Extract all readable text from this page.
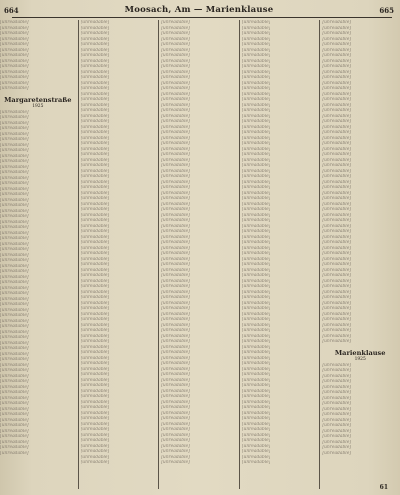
664	Moosach, Am — Marienklause	665
[unreadable]
[unreadable]
[unreadable]
[unreadable]
[unreadable]
[unreadable]
[unreadable]
[unreadable]
[unreadable]
[unreadable]
[unreadable]
[unreadable]
[unreadable]
Margaretenstraße
1925
[unreadable]
[unreadable]
[unreadable]
[unreadable]
[unreadable]
[unreadable]
[unreadable]
[unreadable]
[unreadable]
[unreadable]
[unreadable]
[unreadable]
[unreadable]
[unreadable]
[unreadable]
[unreadable]
[unreadable]
[unreadable]
[unreadable]
[unreadable]
[unreadable]
[unreadable]
[unreadable]
[unreadable]
[unreadable]
[unreadable]
[unreadable]
[unreadable]
[unreadable]
[unreadable]
[unreadable]
[unreadable]
[unreadable]
[unreadable]
[unreadable]
[unreadable]
[unreadable]
[unreadable]
[unreadable]
[unreadable]
[unreadable]
[unreadable]
[unreadable]
[unreadable]
[unreadable]
[unreadable]
[unreadable]
[unreadable]
[unreadable]
[unreadable]
[unreadable]
[unreadable]
[unreadable]
[unreadable]
[unreadable]
[unreadable]
[unreadable]
[unreadable]
[unreadable]
[unreadable]
[unreadable]
[unreadable]
[unreadable]
[unreadable]
[unreadable]
[unreadable]
[unreadable]
[unreadable]
[unreadable]
[unreadable]
[unreadable]
[unreadable]
[unreadable]
[unreadable]
[unreadable]
[unreadable]
[unreadable]
[unreadable]
[unreadable]
[unreadable]
[unreadable]
[unreadable]
[unreadable]
[unreadable]
[unreadable]
[unreadable]
[unreadable]
[unreadable]
[unreadable]
[unreadable]
[unreadable]
[unreadable]
[unreadable]
[unreadable]
[unreadable]
[unreadable]
[unreadable]
[unreadable]
[unreadable]
[unreadable]
[unreadable]
[unreadable]
[unreadable]
[unreadable]
[unreadable]
[unreadable]
[unreadable]
[unreadable]
[unreadable]
[unreadable]
[unreadable]
[unreadable]
[unreadable]
[unreadable]
[unreadable]
[unreadable]
[unreadable]
[unreadable]
[unreadable]
[unreadable]
[unreadable]
[unreadable]
[unreadable]
[unreadable]
[unreadable]
[unreadable]
[unreadable]
[unreadable]
[unreadable]
[unreadable]
[unreadable]
[unreadable]
[unreadable]
[unreadable]
[unreadable]
[unreadable]
[unreadable]
[unreadable]
[unreadable]
[unreadable]
[unreadable]
[unreadable]
[unreadable]
[unreadable]
[unreadable]
[unreadable]
[unreadable]
[unreadable]
[unreadable]
[unreadable]
[unreadable]
[unreadable]
[unreadable]
[unreadable]
[unreadable]
[unreadable]
[unreadable]
[unreadable]
[unreadable]
[unreadable]
[unreadable]
[unreadable]
[unreadable]
[unreadable]
[unreadable]
[unreadable]
[unreadable]
[unreadable]
[unreadable]
[unreadable]
[unreadable]
[unreadable]
[unreadable]
[unreadable]
[unreadable]
[unreadable]
[unreadable]
[unreadable]
[unreadable]
[unreadable]
[unreadable]
[unreadable]
[unreadable]
[unreadable]
[unreadable]
[unreadable]
[unreadable]
[unreadable]
[unreadable]
[unreadable]
[unreadable]
[unreadable]
[unreadable]
[unreadable]
[unreadable]
[unreadable]
[unreadable]
[unreadable]
[unreadable]
[unreadable]
[unreadable]
[unreadable]
[unreadable]
[unreadable]
[unreadable]
[unreadable]
[unreadable]
[unreadable]
[unreadable]
[unreadable]
[unreadable]
[unreadable]
[unreadable]
[unreadable]
[unreadable]
[unreadable]
[unreadable]
[unreadable]
[unreadable]
[unreadable]
[unreadable]
[unreadable]
[unreadable]
[unreadable]
[unreadable]
[unreadable]
[unreadable]
[unreadable]
[unreadable]
[unreadable]
[unreadable]
[unreadable]
[unreadable]
[unreadable]
[unreadable]
[unreadable]
[unreadable]
[unreadable]
[unreadable]
[unreadable]
[unreadable]
[unreadable]
[unreadable]
[unreadable]
[unreadable]
[unreadable]
[unreadable]
[unreadable]
[unreadable]
[unreadable]
[unreadable]
[unreadable]
[unreadable]
[unreadable]
[unreadable]
[unreadable]
[unreadable]
[unreadable]
[unreadable]
[unreadable]
[unreadable]
[unreadable]
[unreadable]
[unreadable]
[unreadable]
[unreadable]
[unreadable]
[unreadable]
[unreadable]
[unreadable]
[unreadable]
[unreadable]
[unreadable]
[unreadable]
[unreadable]
[unreadable]
[unreadable]
[unreadable]
[unreadable]
[unreadable]
[unreadable]
[unreadable]
[unreadable]
[unreadable]
[unreadable]
[unreadable]
[unreadable]
[unreadable]
[unreadable]
[unreadable]
[unreadable]
[unreadable]
[unreadable]
[unreadable]
[unreadable]
[unreadable]
[unreadable]
[unreadable]
[unreadable]
[unreadable]
[unreadable]
[unreadable]
[unreadable]
[unreadable]
[unreadable]
[unreadable]
[unreadable]
[unreadable]
[unreadable]
[unreadable]
[unreadable]
[unreadable]
[unreadable]
[unreadable]
[unreadable]
[unreadable]
[unreadable]
[unreadable]
[unreadable]
[unreadable]
[unreadable]
[unreadable]
[unreadable]
[unreadable]
[unreadable]
[unreadable]
[unreadable]
[unreadable]
[unreadable]
[unreadable]
[unreadable]
[unreadable]
[unreadable]
[unreadable]
[unreadable]
[unreadable]
[unreadable]
[unreadable]
[unreadable]
[unreadable]
[unreadable]
[unreadable]
[unreadable]
[unreadable]
[unreadable]
[unreadable]
[unreadable]
[unreadable]
[unreadable]
[unreadable]
[unreadable]
[unreadable]
[unreadable]
[unreadable]
[unreadable]
[unreadable]
[unreadable]
[unreadable]
[unreadable]
[unreadable]
[unreadable]
[unreadable]
[unreadable]
[unreadable]
[unreadable]
Marienklause
1925
[unreadable]
[unreadable]
[unreadable]
[unreadable]
[unreadable]
[unreadable]
[unreadable]
[unreadable]
[unreadable]
[unreadable]
[unreadable]
[unreadable]
[unreadable]
[unreadable]
[unreadable]
[unreadable]
[unreadable]
61
